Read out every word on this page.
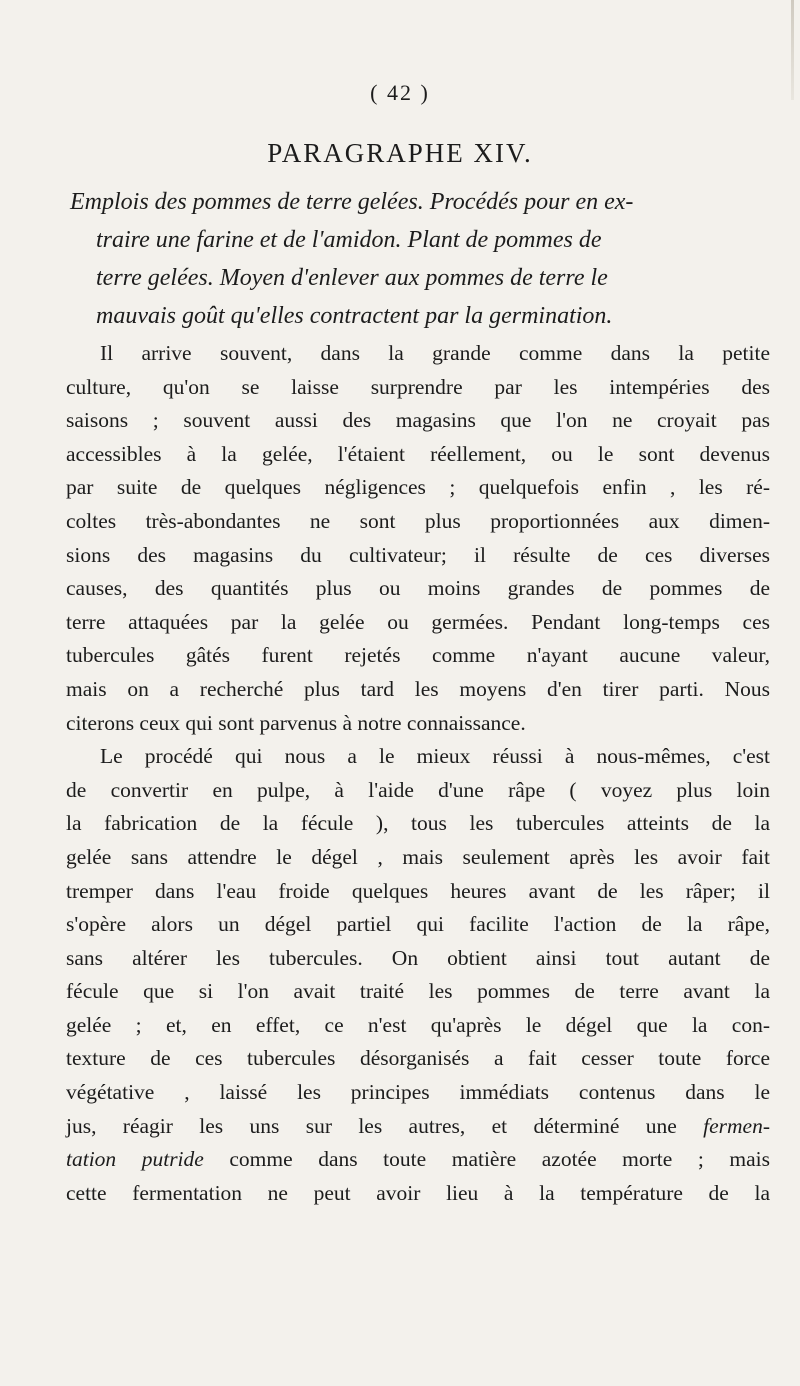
( 42 )
PARAGRAPHE XIV.

Emplois des pommes de terre gelées. Procédés pour en ex-
traire une farine et de l'amidon. Plant de pommes de
terre gelées. Moyen d'enlever aux pommes de terre le
mauvais goût qu'elles contractent par la germination.

Il arrive souvent, dans la grande comme dans la petite
culture, qu'on se laisse surprendre par les intempéries des
saisons ; souvent aussi des magasins que l'on ne croyait pas
accessibles à la gelée, l'étaient réellement, ou le sont devenus
par suite de quelques négligences ; quelquefois enfin , les ré-
coltes très-abondantes ne sont plus proportionnées aux dimen-
sions des magasins du cultivateur; il résulte de ces diverses
causes, des quantités plus ou moins grandes de pommes de
terre attaquées par la gelée ou germées. Pendant long-temps ces
tubercules gâtés furent rejetés comme n'ayant aucune valeur,
mais on a recherché plus tard les moyens d'en tirer parti. Nous
citerons ceux qui sont parvenus à notre connaissance.
Le procédé qui nous a le mieux réussi à nous-mêmes, c'est
de convertir en pulpe, à l'aide d'une râpe ( voyez plus loin
la fabrication de la fécule ), tous les tubercules atteints de la
gelée sans attendre le dégel , mais seulement après les avoir fait
tremper dans l'eau froide quelques heures avant de les râper; il
s'opère alors un dégel partiel qui facilite l'action de la râpe,
sans altérer les tubercules. On obtient ainsi tout autant de
fécule que si l'on avait traité les pommes de terre avant la
gelée ; et, en effet, ce n'est qu'après le dégel que la con-
texture de ces tubercules désorganisés a fait cesser toute force
végétative , laissé les principes immédiats contenus dans le
jus, réagir les uns sur les autres, et déterminé une fermen-
tation putride comme dans toute matière azotée morte ; mais
cette fermentation ne peut avoir lieu à la température de la
